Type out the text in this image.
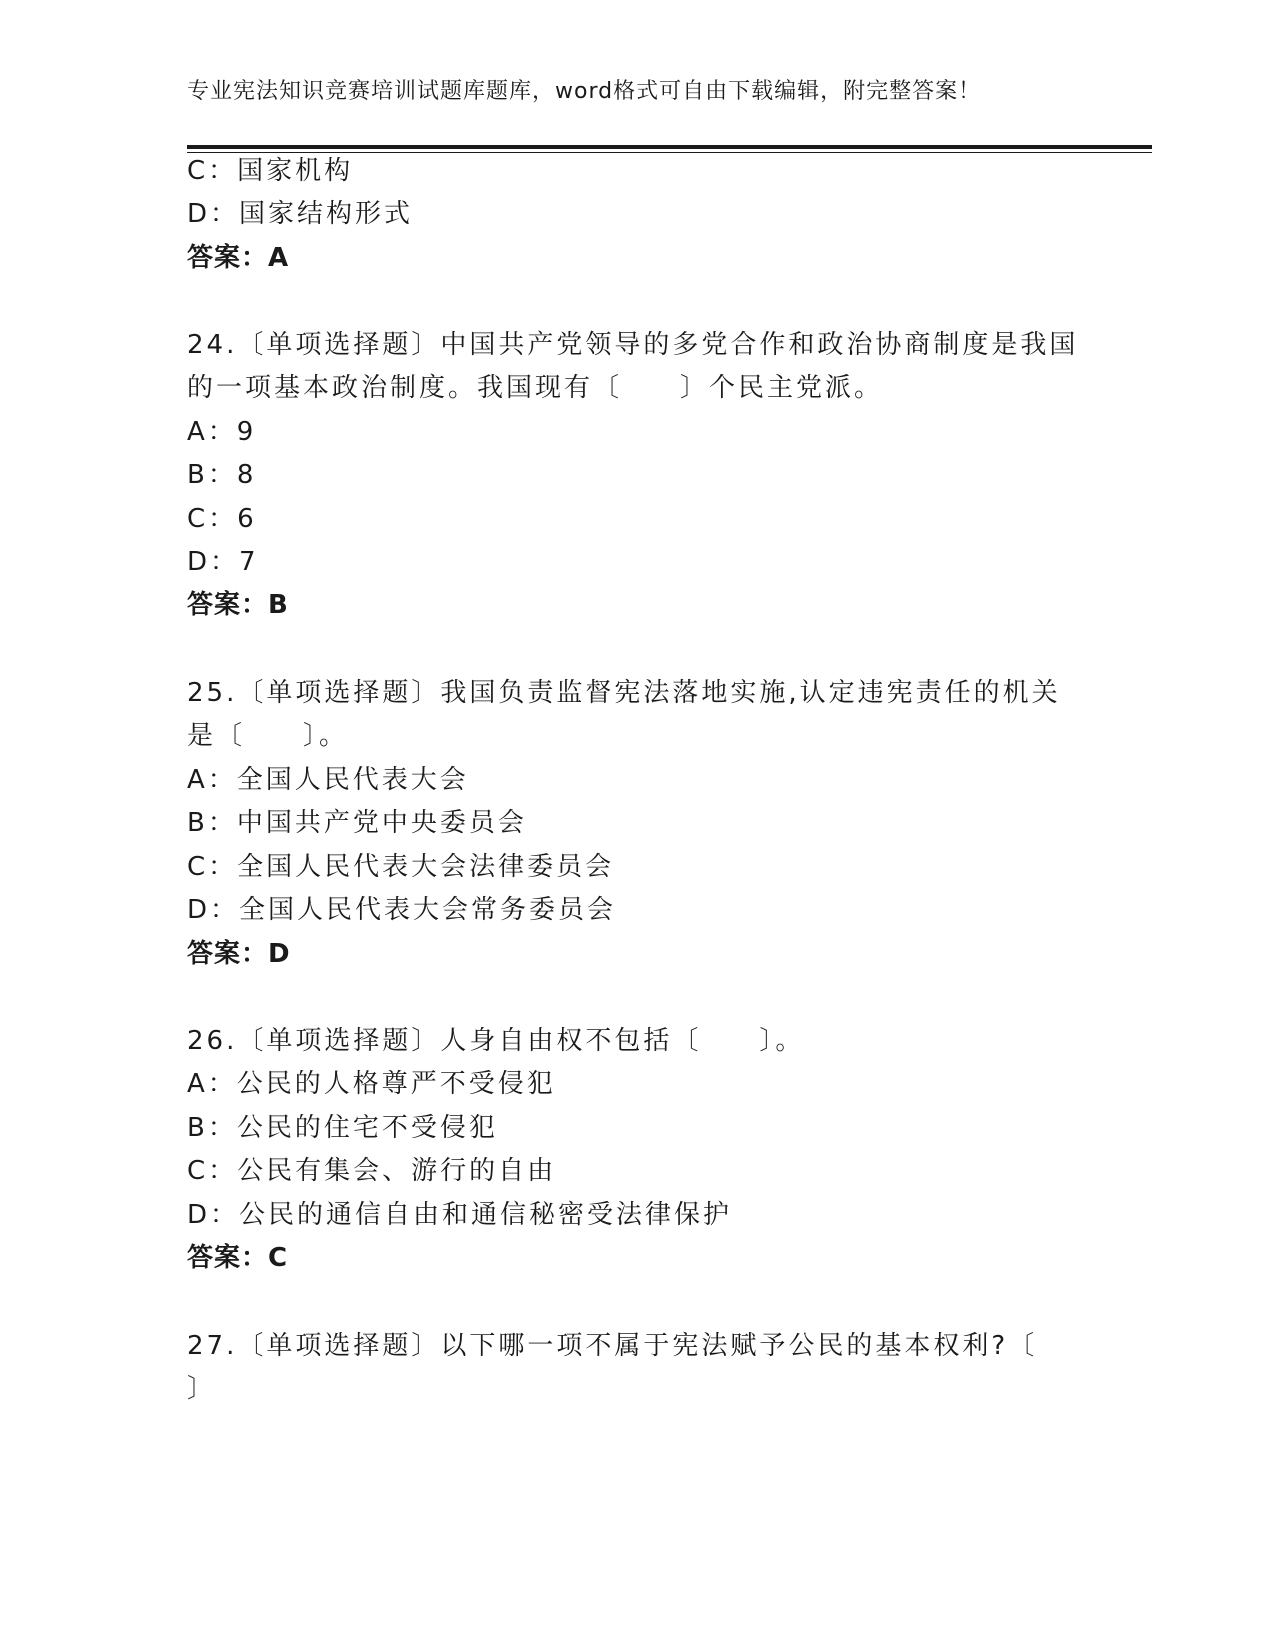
专业宪法知识竞赛培训试题库题库，word格式可自由下载编辑，附完整答案！
C：国家机构
D：国家结构形式
答案：A
24.〔单项选择题〕中国共产党领导的多党合作和政治协商制度是我国
的一项基本政治制度。我国现有〔　　〕个民主党派。
A：9
B：8
C：6
D：7
答案：B
25.〔单项选择题〕我国负责监督宪法落地实施,认定违宪责任的机关
是〔　　〕。
A：全国人民代表大会
B：中国共产党中央委员会
C：全国人民代表大会法律委员会
D：全国人民代表大会常务委员会
答案：D
26.〔单项选择题〕人身自由权不包括〔　　〕。
A：公民的人格尊严不受侵犯
B：公民的住宅不受侵犯
C：公民有集会、游行的自由
D：公民的通信自由和通信秘密受法律保护
答案：C
27.〔单项选择题〕以下哪一项不属于宪法赋予公民的基本权利?〔
〕
